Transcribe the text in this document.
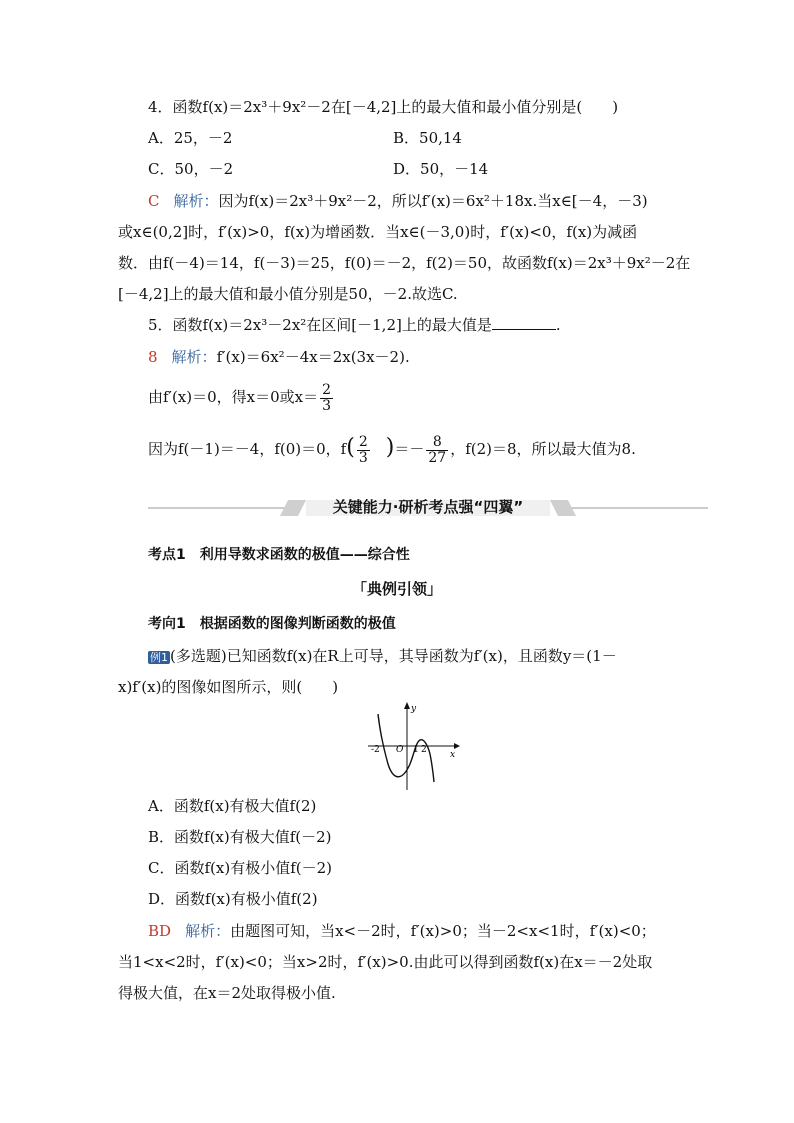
4．函数f(x)＝2x³＋9x²－2在[－4,2]上的最大值和最小值分别是(　　)
A．25，－2	B．50,14
C．50，－2	D．50，－14
C 解析：因为f(x)＝2x³＋9x²－2，所以f′(x)＝6x²＋18x.当x∈[－4，－3)
或x∈(0,2]时，f′(x)>0，f(x)为增函数．当x∈(－3,0)时，f′(x)<0，f(x)为减函
数．由f(－4)＝14，f(－3)＝25，f(0)＝－2，f(2)＝50，故函数f(x)＝2x³＋9x²－2在
[－4,2]上的最大值和最小值分别是50，－2.故选C.
5．函数f(x)＝2x³－2x²在区间[－1,2]上的最大值是	.
8 解析：f′(x)＝6x²－4x＝2x(3x－2).
由f′(x)＝0，得x＝0或$x= \frac{2}{3}$
因为f(－1)＝－4，f(0)＝0，$f( \frac{2}{3}$ )＝－ $\frac{8}{27}$ ，f(2)＝8，所以最大值为8.
关键能力·研析考点强“四翼”
考点1　利用导数求函数的极值——综合性
「典例引领」
考向1　根据函数的图像判断函数的极值
例1 (多选题)已知函数f(x)在R上可导，其导函数为f′(x)，且函数y＝(1－
x)f′(x)的图像如图所示，则(　　)
-2 O 1 2	x
y
A．函数f(x)有极大值f(2)
B．函数f(x)有极大值f(－2)
C．函数f(x)有极小值f(－2)
D．函数f(x)有极小值f(2)
BD 解析：由题图可知，当x<－2时，f′(x)>0；当－2<x<1时，f′(x)<0；
当1<x<2时，f′(x)<0；当x>2时，f′(x)>0.由此可以得到函数f(x)在x＝－2处取
得极大值，在x＝2处取得极小值.
